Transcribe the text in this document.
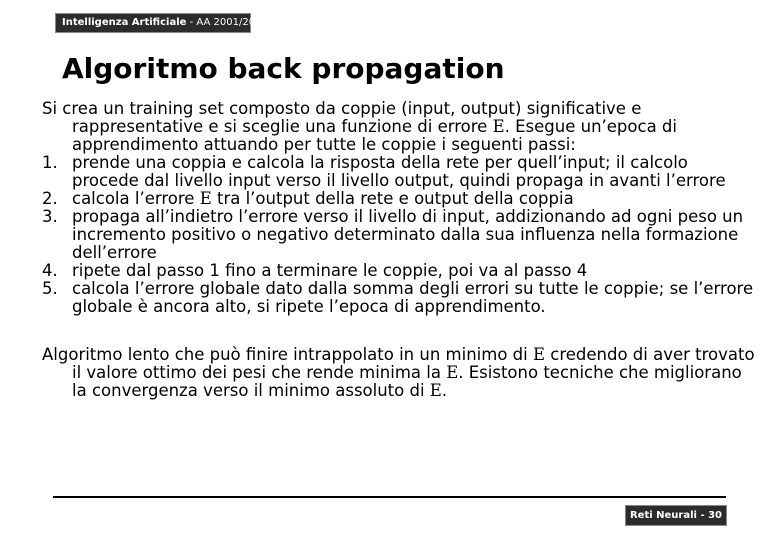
Intelligenza Artificiale - AA 2001/2002
Algoritmo back propagation

Si crea un training set composto da coppie (input, output) significative e rappresentative e si sceglie una funzione di errore E. Esegue un’epoca di apprendimento attuando per tutte le coppie i seguenti passi:

1. prende una coppia e calcola la risposta della rete per quell’input; il calcolo procede dal livello input verso il livello output, quindi propaga in avanti l’errore
2. calcola l’errore E tra l’output della rete e output della coppia
3. propaga all’indietro l’errore verso il livello di input, addizionando ad ogni peso un incremento positivo o negativo determinato dalla sua influenza nella formazione dell’errore
4. ripete dal passo 1 fino a terminare le coppie, poi va al passo 4
5. calcola l’errore globale dato dalla somma degli errori su tutte le coppie; se l’errore globale è ancora alto, si ripete l’epoca di apprendimento.

Algoritmo lento che può finire intrappolato in un minimo di E credendo di aver trovato il valore ottimo dei pesi che rende minima la E. Esistono tecniche che migliorano la convergenza verso il minimo assoluto di E.

Reti Neurali - 30
